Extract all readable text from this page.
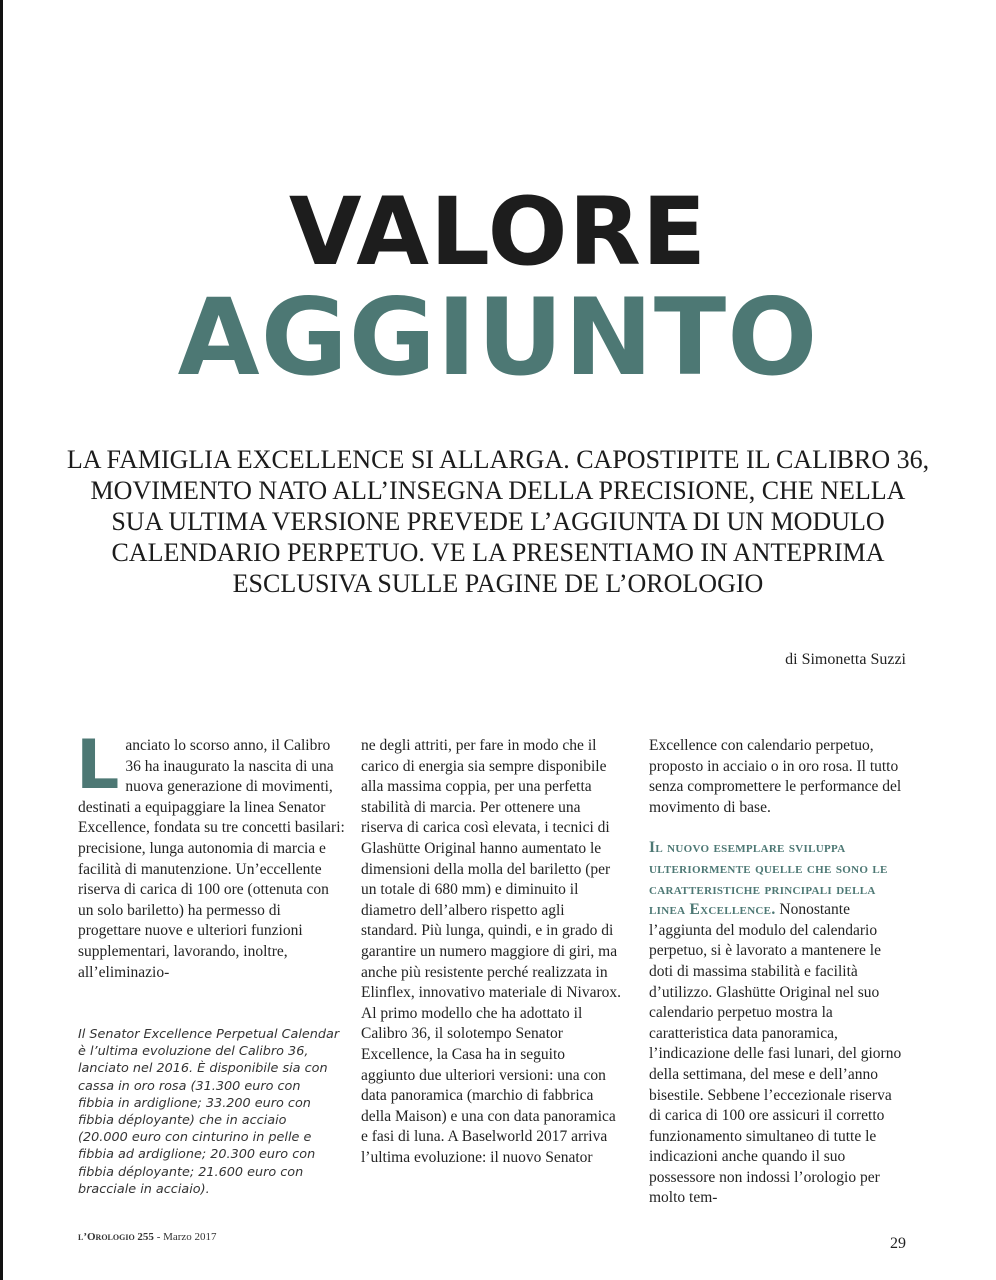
VALORE
AGGIUNTO
LA FAMIGLIA EXCELLENCE SI ALLARGA. CAPOSTIPITE IL CALIBRO 36,
MOVIMENTO NATO ALL’INSEGNA DELLA PRECISIONE, CHE NELLA
SUA ULTIMA VERSIONE PREVEDE L’AGGIUNTA DI UN MODULO
CALENDARIO PERPETUO. VE LA PRESENTIAMO IN ANTEPRIMA
ESCLUSIVA SULLE PAGINE DE L’OROLOGIO
di Simonetta Suzzi

Lanciato lo scorso anno, il Calibro 36 ha inaugurato la nascita di una nuova generazione di movimenti, destinati a equipaggiare la linea Senator Excellence, fondata su tre concetti basilari: precisione, lunga autonomia di marcia e facilità di manutenzione. Un’eccellente riserva di carica di 100 ore (ottenuta con un solo bariletto) ha permesso di progettare nuove e ulteriori funzioni supplementari, lavorando, inoltre, all’eliminazio-

ne degli attriti, per fare in modo che il carico di energia sia sempre disponibile alla massima coppia, per una perfetta stabilità di marcia. Per ottenere una riserva di carica così elevata, i tecnici di Glashütte Original hanno aumentato le dimensioni della molla del bariletto (per un totale di 680 mm) e diminuito il diametro dell’albero rispetto agli standard. Più lunga, quindi, e in grado di garantire un numero maggiore di giri, ma anche più resistente perché realizzata in Elinflex, innovativo materiale di Nivarox. Al primo modello che ha adottato il Calibro 36, il solotempo Senator Excellence, la Casa ha in seguito aggiunto due ulteriori versioni: una con data panoramica (marchio di fabbrica della Maison) e una con data panoramica e fasi di luna. A Baselworld 2017 arriva l’ultima evoluzione: il nuovo Senator

Excellence con calendario perpetuo, proposto in acciaio o in oro rosa. Il tutto senza compromettere le performance del movimento di base.

Il nuovo esemplare sviluppa ulteriormente quelle che sono le caratteristiche principali della linea Excellence. Nonostante l’aggiunta del modulo del calendario perpetuo, si è lavorato a mantenere le doti di massima stabilità e facilità d’utilizzo. Glashütte Original nel suo calendario perpetuo mostra la caratteristica data panoramica, l’indicazione delle fasi lunari, del giorno della settimana, del mese e dell’anno bisestile. Sebbene l’eccezionale riserva di carica di 100 ore assicuri il corretto funzionamento simultaneo di tutte le indicazioni anche quando il suo possessore non indossi l’orologio per molto tem-

Il Senator Excellence Perpetual Calendar è l’ultima evoluzione del Calibro 36, lanciato nel 2016. È disponibile sia con cassa in oro rosa (31.300 euro con fibbia in ardiglione; 33.200 euro con fibbia déployante) che in acciaio (20.000 euro con cinturino in pelle e fibbia ad ardiglione; 20.300 euro con fibbia déployante; 21.600 euro con bracciale in acciaio).
l’Orologio 255 - Marzo 2017	29
